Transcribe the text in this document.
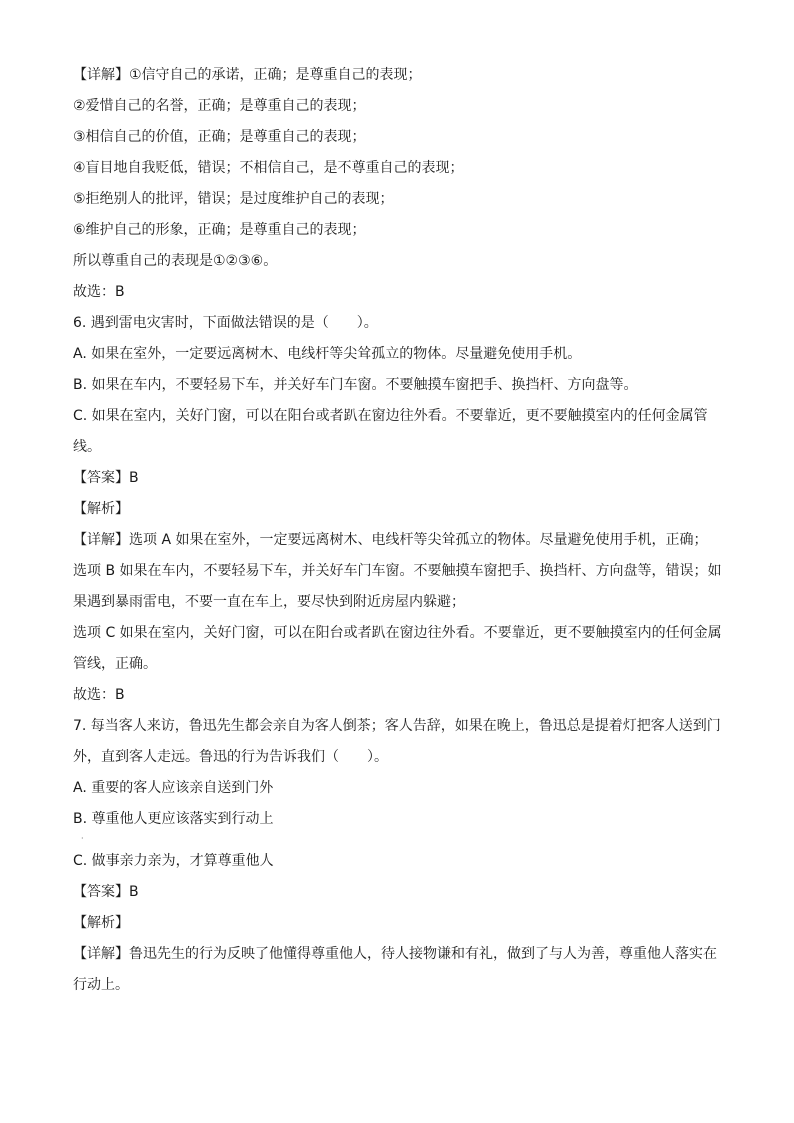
【详解】①信守自己的承诺，正确；是尊重自己的表现；
②爱惜自己的名誉，正确；是尊重自己的表现；
③相信自己的价值，正确；是尊重自己的表现；
④盲目地自我贬低，错误；不相信自己，是不尊重自己的表现；
⑤拒绝别人的批评，错误；是过度维护自己的表现；
⑥维护自己的形象，正确；是尊重自己的表现；
所以尊重自己的表现是①②③⑥。
故选：B
6. 遇到雷电灾害时，下面做法错误的是（　　）。
A. 如果在室外，一定要远离树木、电线杆等尖耸孤立的物体。尽量避免使用手机。
B. 如果在车内，不要轻易下车，并关好车门车窗。不要触摸车窗把手、换挡杆、方向盘等。
C. 如果在室内，关好门窗，可以在阳台或者趴在窗边往外看。不要靠近，更不要触摸室内的任何金属管
线。
【答案】B
【解析】
【详解】选项 A 如果在室外，一定要远离树木、电线杆等尖耸孤立的物体。尽量避免使用手机，正确；
选项 B 如果在车内，不要轻易下车，并关好车门车窗。不要触摸车窗把手、换挡杆、方向盘等，错误；如
果遇到暴雨雷电，不要一直在车上，要尽快到附近房屋内躲避；
选项 C 如果在室内，关好门窗，可以在阳台或者趴在窗边往外看。不要靠近，更不要触摸室内的任何金属
管线，正确。
故选：B
7. 每当客人来访，鲁迅先生都会亲自为客人倒茶；客人告辞，如果在晚上，鲁迅总是提着灯把客人送到门
外，直到客人走远。鲁迅的行为告诉我们（　　）。
A. 重要的客人应该亲自送到门外
B. 尊重他人更应该落实到行动上
·
C. 做事亲力亲为，才算尊重他人
【答案】B
【解析】
【详解】鲁迅先生的行为反映了他懂得尊重他人，待人接物谦和有礼，做到了与人为善，尊重他人落实在
行动上。
